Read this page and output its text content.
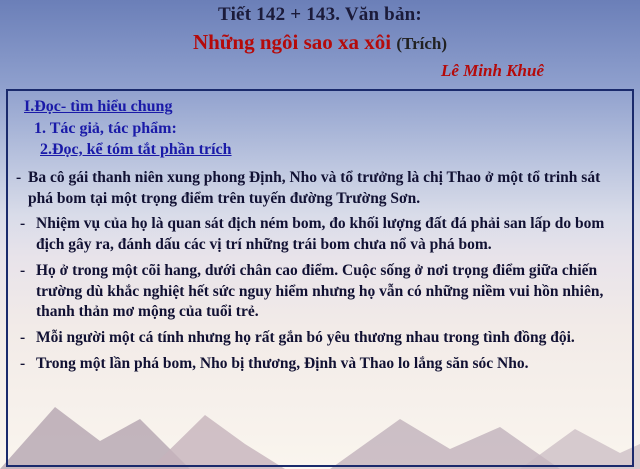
Tiết 142 + 143. Văn bản:
Những ngôi sao xa xôi (Trích)
Lê Minh Khuê
I.Đọc- tìm hiểu chung
1. Tác giả, tác phẩm:
2.Đọc, kể tóm tắt phần trích
- Ba cô gái thanh niên xung phong Định, Nho và tổ trưởng là chị Thao ở một tổ trinh sát phá bom tại một trọng điểm trên tuyến đường Trường Sơn.
- Nhiệm vụ của họ là quan sát địch ném bom, đo khối lượng đất đá phải san lấp do bom địch gây ra, đánh dấu các vị trí những trái bom chưa nổ và phá bom.
- Họ ở trong một cõi hang, dưới chân cao điểm. Cuộc sống ở nơi trọng điểm giữa chiến trường dù khắc nghiệt hết sức nguy hiểm nhưng họ vẫn có những niềm vui hồn nhiên, thanh thản mơ mộng của tuổi trẻ.
- Mỗi người một cá tính nhưng họ rất gắn bó yêu thương nhau trong tình đồng đội.
- Trong một lần phá bom, Nho bị thương, Định và Thao lo lắng săn sóc Nho.
